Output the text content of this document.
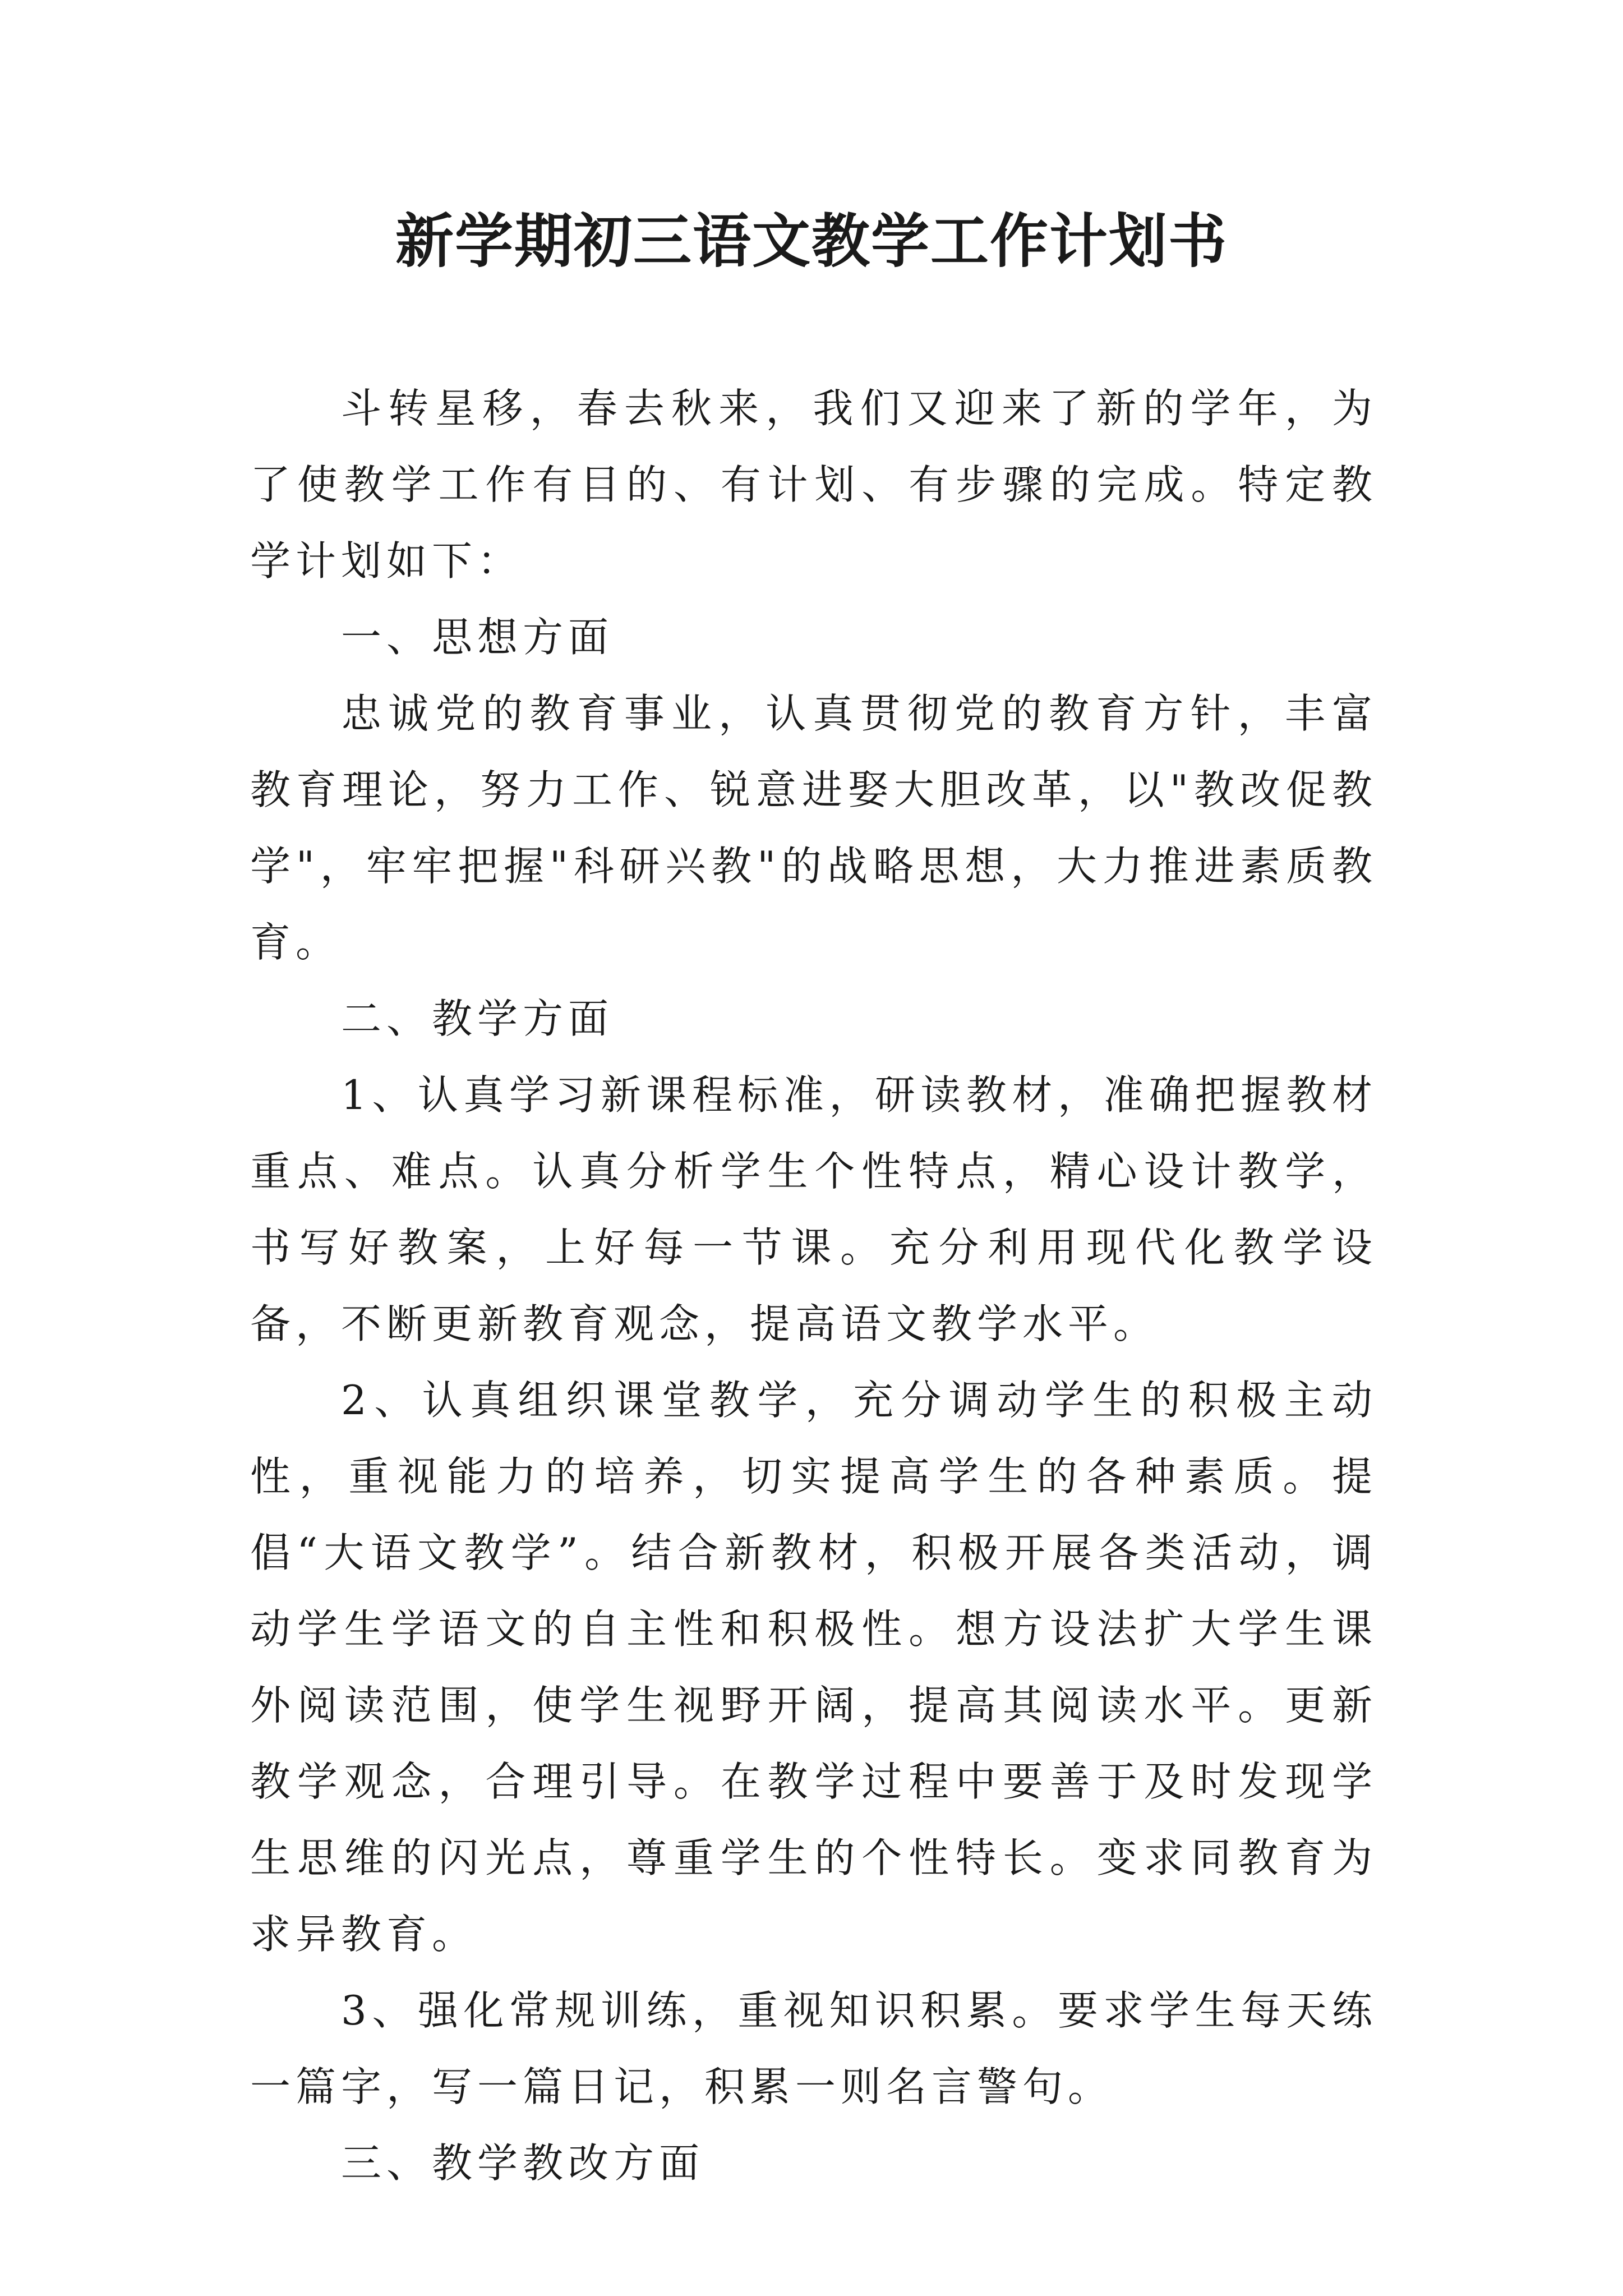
新学期初三语文教学工作计划书

斗转星移，春去秋来，我们又迎来了新的学年，为了使教学工作有目的、有计划、有步骤的完成。特定教学计划如下：

一、思想方面

忠诚党的教育事业，认真贯彻党的教育方针，丰富教育理论，努力工作、锐意进娶大胆改革，以"教改促教学"，牢牢把握"科研兴教"的战略思想，大力推进素质教育。

二、教学方面

1、认真学习新课程标准，研读教材，准确把握教材重点、难点。认真分析学生个性特点，精心设计教学，书写好教案，上好每一节课。充分利用现代化教学设备，不断更新教育观念，提高语文教学水平。

2、认真组织课堂教学，充分调动学生的积极主动性，重视能力的培养，切实提高学生的各种素质。提倡“大语文教学”。结合新教材，积极开展各类活动，调动学生学语文的自主性和积极性。想方设法扩大学生课外阅读范围，使学生视野开阔，提高其阅读水平。更新教学观念，合理引导。在教学过程中要善于及时发现学生思维的闪光点，尊重学生的个性特长。变求同教育为求异教育。

3、强化常规训练，重视知识积累。要求学生每天练一篇字，写一篇日记，积累一则名言警句。

三、教学教改方面
